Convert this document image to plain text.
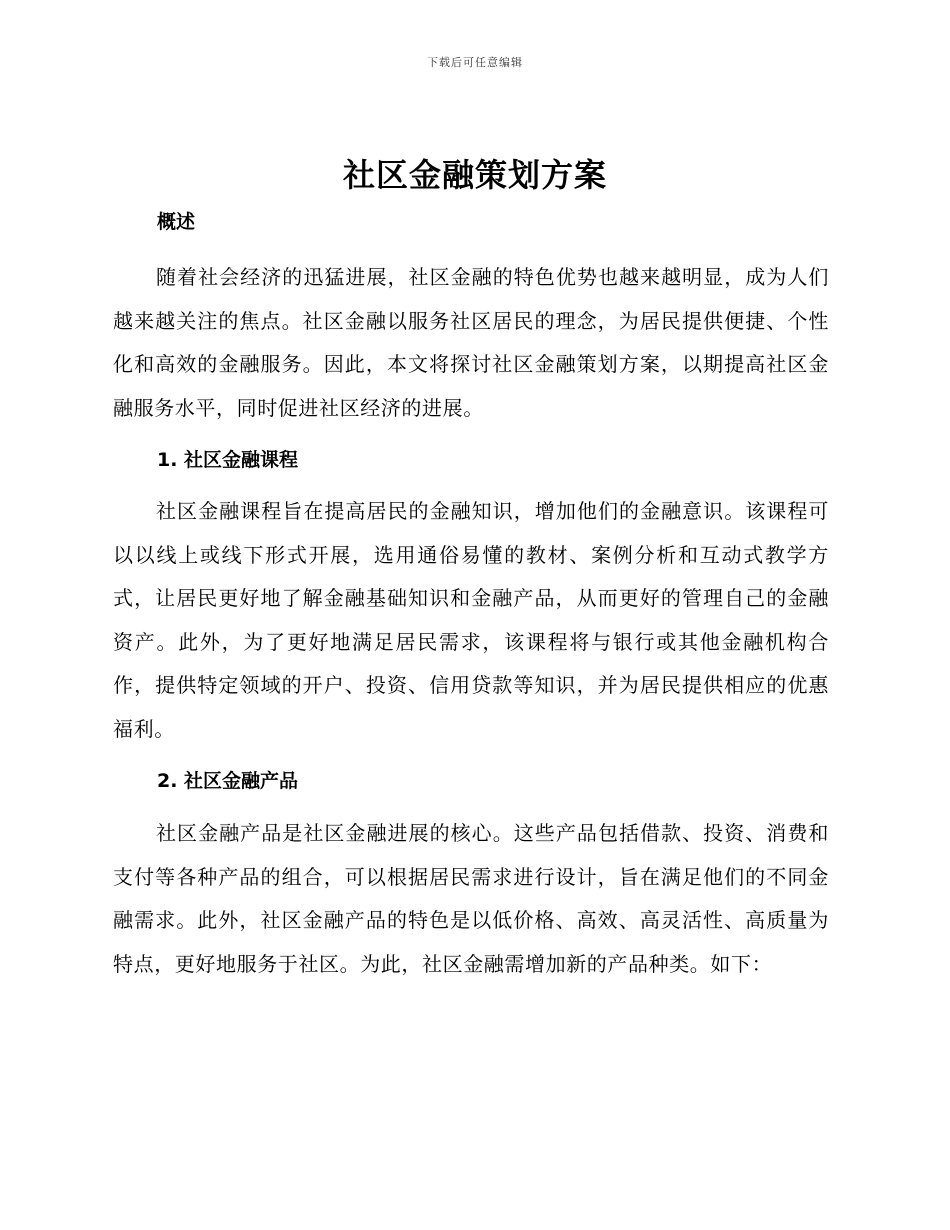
下载后可任意编辑
社区金融策划方案
概述
随着社会经济的迅猛进展，社区金融的特色优势也越来越明显，成为人们越来越关注的焦点。社区金融以服务社区居民的理念，为居民提供便捷、个性化和高效的金融服务。因此，本文将探讨社区金融策划方案，以期提高社区金融服务水平，同时促进社区经济的进展。
1. 社区金融课程
社区金融课程旨在提高居民的金融知识，增加他们的金融意识。该课程可以以线上或线下形式开展，选用通俗易懂的教材、案例分析和互动式教学方式，让居民更好地了解金融基础知识和金融产品，从而更好的管理自己的金融资产。此外，为了更好地满足居民需求，该课程将与银行或其他金融机构合作，提供特定领域的开户、投资、信用贷款等知识，并为居民提供相应的优惠福利。
2. 社区金融产品
社区金融产品是社区金融进展的核心。这些产品包括借款、投资、消费和支付等各种产品的组合，可以根据居民需求进行设计，旨在满足他们的不同金融需求。此外，社区金融产品的特色是以低价格、高效、高灵活性、高质量为特点，更好地服务于社区。为此，社区金融需增加新的产品种类。如下：
